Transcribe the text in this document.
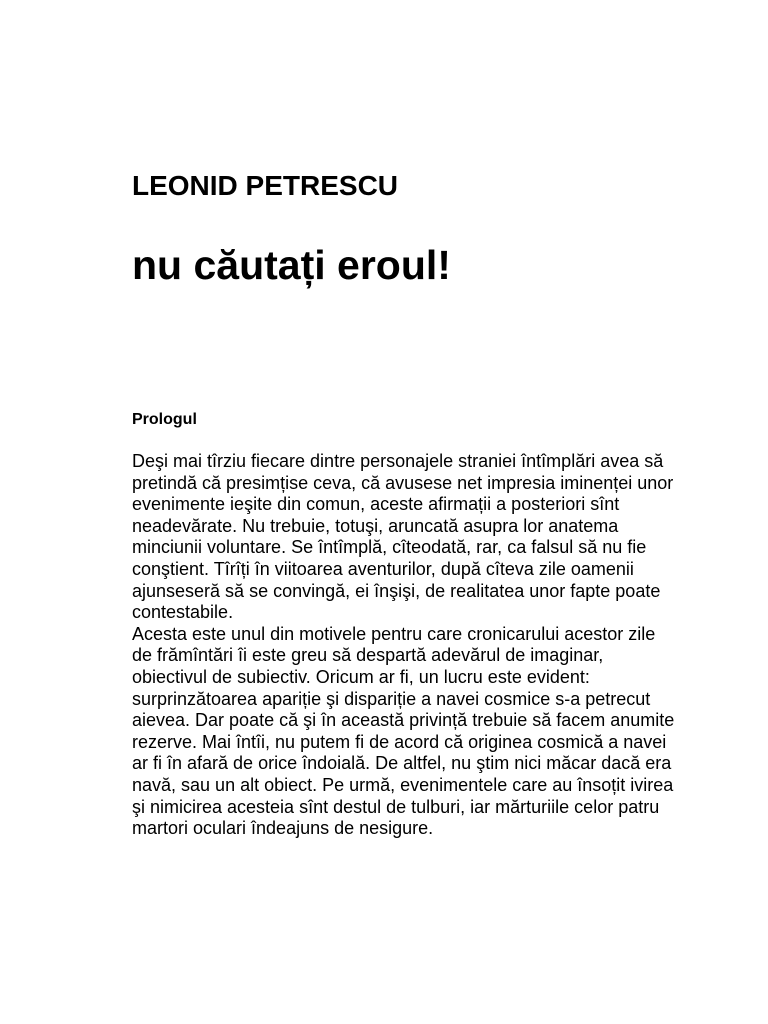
LEONID PETRESCU
nu căutați eroul!
Prologul

Deşi mai tîrziu fiecare dintre personajele straniei întîmplări avea să
pretindă că presimțise ceva, că avusese net impresia iminenței unor
evenimente ieşite din comun, aceste afirmații a posteriori sînt
neadevărate. Nu trebuie, totuşi, aruncată asupra lor anatema
minciunii voluntare. Se întîmplă, cîteodată, rar, ca falsul să nu fie
conştient. Tîrîți în viitoarea aventurilor, după cîteva zile oamenii
ajunseseră să se convingă, ei înşişi, de realitatea unor fapte poate
contestabile.
Acesta este unul din motivele pentru care cronicarului acestor zile
de frămîntări îi este greu să despartă adevărul de imaginar,
obiectivul de subiectiv. Oricum ar fi, un lucru este evident:
surprinzătoarea apariție şi dispariție a navei cosmice s-a petrecut
aievea. Dar poate că şi în această privință trebuie să facem anumite
rezerve. Mai întîi, nu putem fi de acord că originea cosmică a navei
ar fi în afară de orice îndoială. De altfel, nu ştim nici măcar dacă era
navă, sau un alt obiect. Pe urmă, evenimentele care au însoțit ivirea
şi nimicirea acesteia sînt destul de tulburi, iar mărturiile celor patru
martori oculari îndeajuns de nesigure.
